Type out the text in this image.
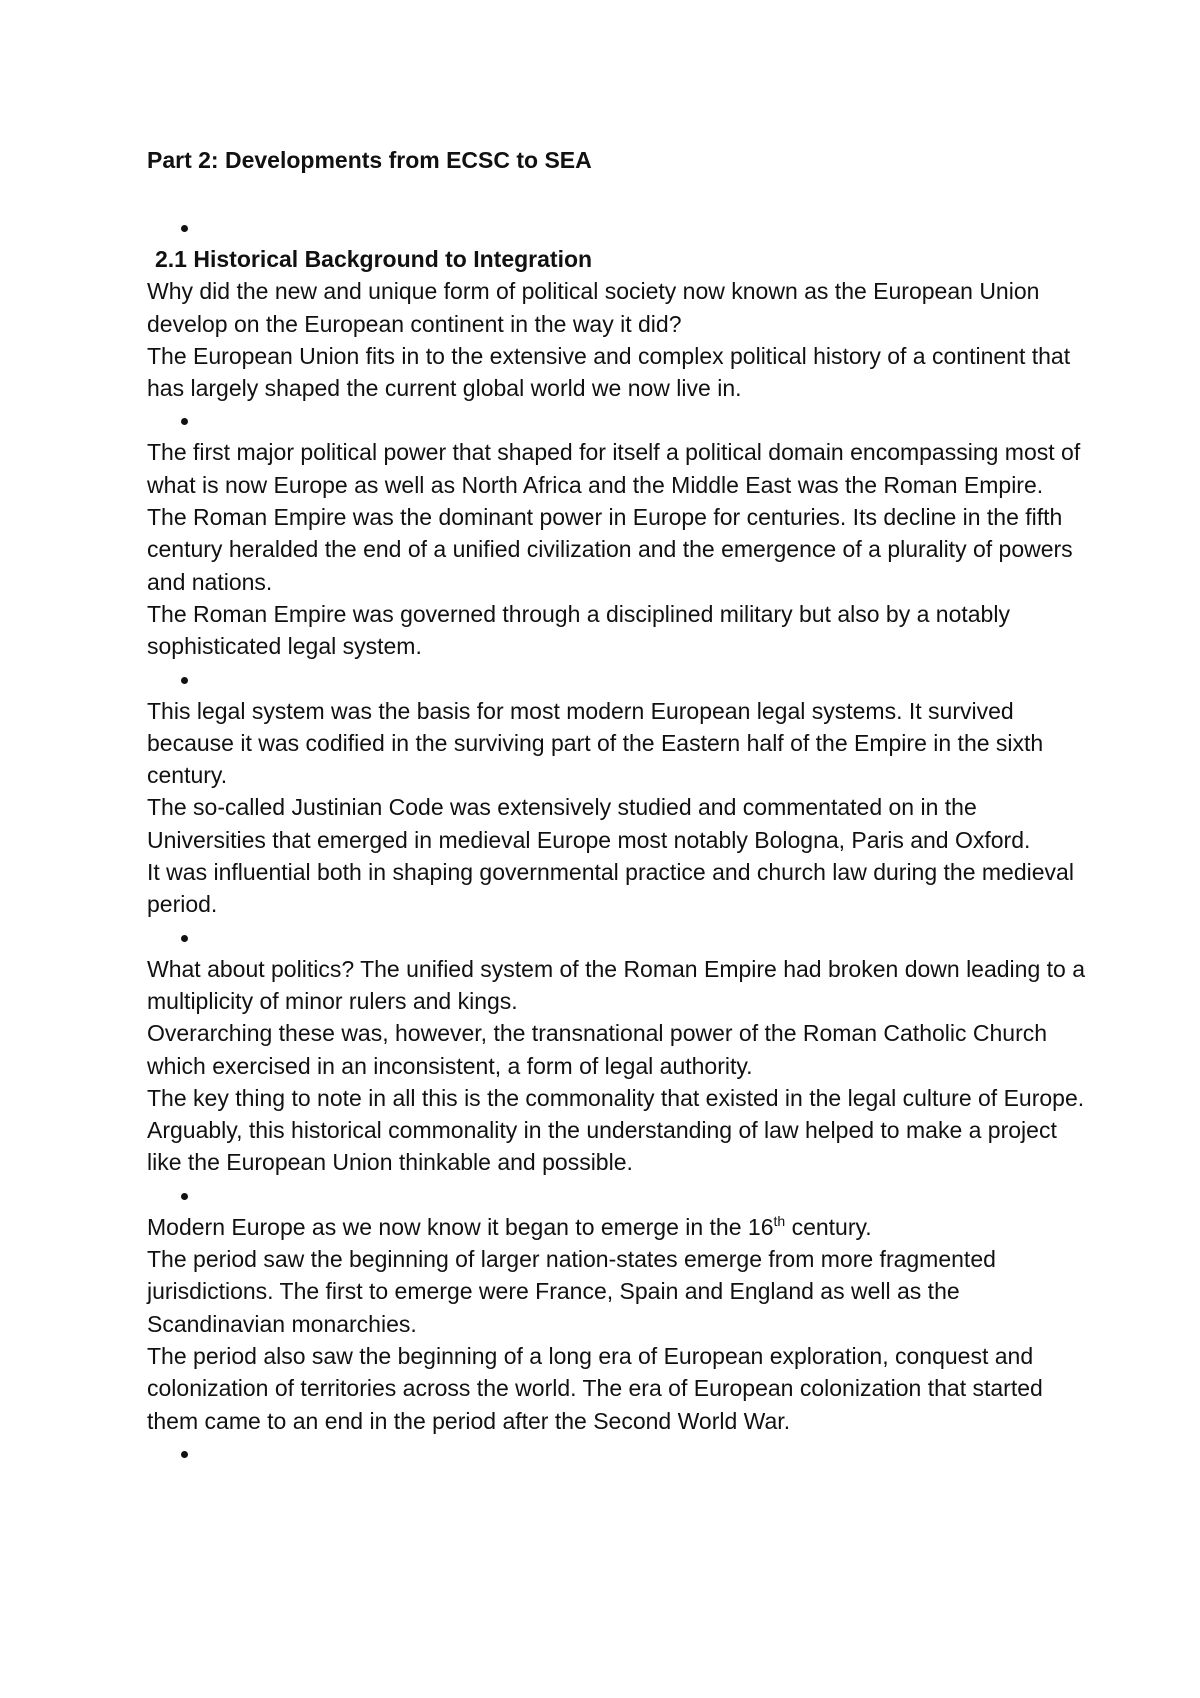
Part 2: Developments from ECSC to SEA

2.1 Historical Background to Integration

Why did the new and unique form of political society now known as the European Union develop on the European continent in the way it did?

The European Union fits in to the extensive and complex political history of a continent that has largely shaped the current global world we now live in.

The first major political power that shaped for itself a political domain encompassing most of what is now Europe as well as North Africa and the Middle East was the Roman Empire.

The Roman Empire was the dominant power in Europe for centuries. Its decline in the fifth century heralded the end of a unified civilization and the emergence of a plurality of powers and nations.

The Roman Empire was governed through a disciplined military but also by a notably sophisticated legal system.

This legal system was the basis for most modern European legal systems. It survived because it was codified in the surviving part of the Eastern half of the Empire in the sixth century.

The so-called Justinian Code was extensively studied and commentated on in the Universities that emerged in medieval Europe most notably Bologna, Paris and Oxford.

It was influential both in shaping governmental practice and church law during the medieval period.

What about politics? The unified system of the Roman Empire had broken down leading to a multiplicity of minor rulers and kings.

Overarching these was, however, the transnational power of the Roman Catholic Church which exercised in an inconsistent, a form of legal authority.

The key thing to note in all this is the commonality that existed in the legal culture of Europe. Arguably, this historical commonality in the understanding of law helped to make a project like the European Union thinkable and possible.

Modern Europe as we now know it began to emerge in the 16th century.

The period saw the beginning of larger nation-states emerge from more fragmented jurisdictions. The first to emerge were France, Spain and England as well as the Scandinavian monarchies.

The period also saw the beginning of a long era of European exploration, conquest and colonization of territories across the world. The era of European colonization that started them came to an end in the period after the Second World War.
